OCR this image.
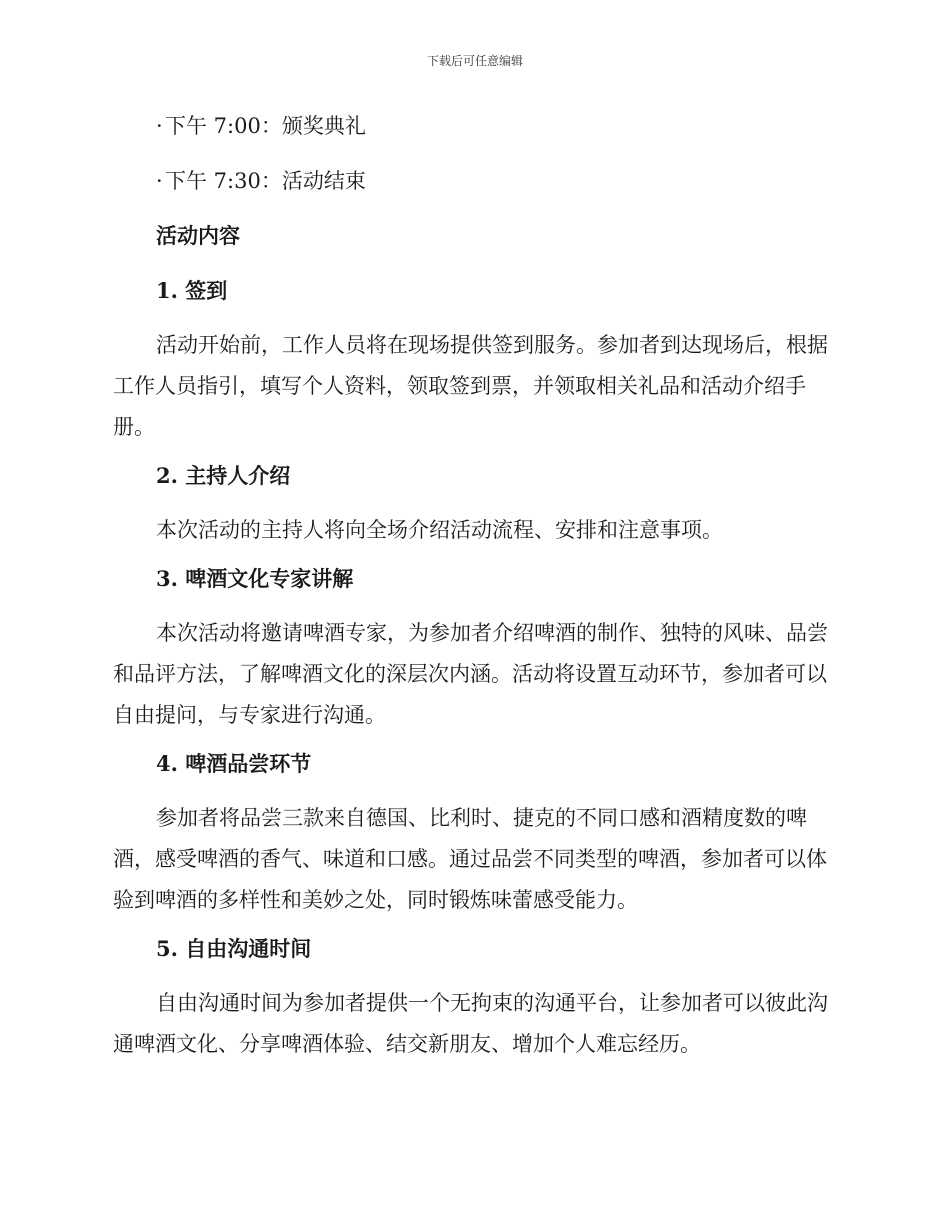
下载后可任意编辑

· 下午 7:00：颁奖典礼

· 下午 7:30：活动结束

活动内容

1. 签到

活动开始前，工作人员将在现场提供签到服务。参加者到达现场后，根据工作人员指引，填写个人资料，领取签到票，并领取相关礼品和活动介绍手册。

2. 主持人介绍

本次活动的主持人将向全场介绍活动流程、安排和注意事项。

3. 啤酒文化专家讲解

本次活动将邀请啤酒专家，为参加者介绍啤酒的制作、独特的风味、品尝和品评方法，了解啤酒文化的深层次内涵。活动将设置互动环节，参加者可以自由提问，与专家进行沟通。

4. 啤酒品尝环节

参加者将品尝三款来自德国、比利时、捷克的不同口感和酒精度数的啤酒，感受啤酒的香气、味道和口感。通过品尝不同类型的啤酒，参加者可以体验到啤酒的多样性和美妙之处，同时锻炼味蕾感受能力。

5. 自由沟通时间

自由沟通时间为参加者提供一个无拘束的沟通平台，让参加者可以彼此沟通啤酒文化、分享啤酒体验、结交新朋友、增加个人难忘经历。
